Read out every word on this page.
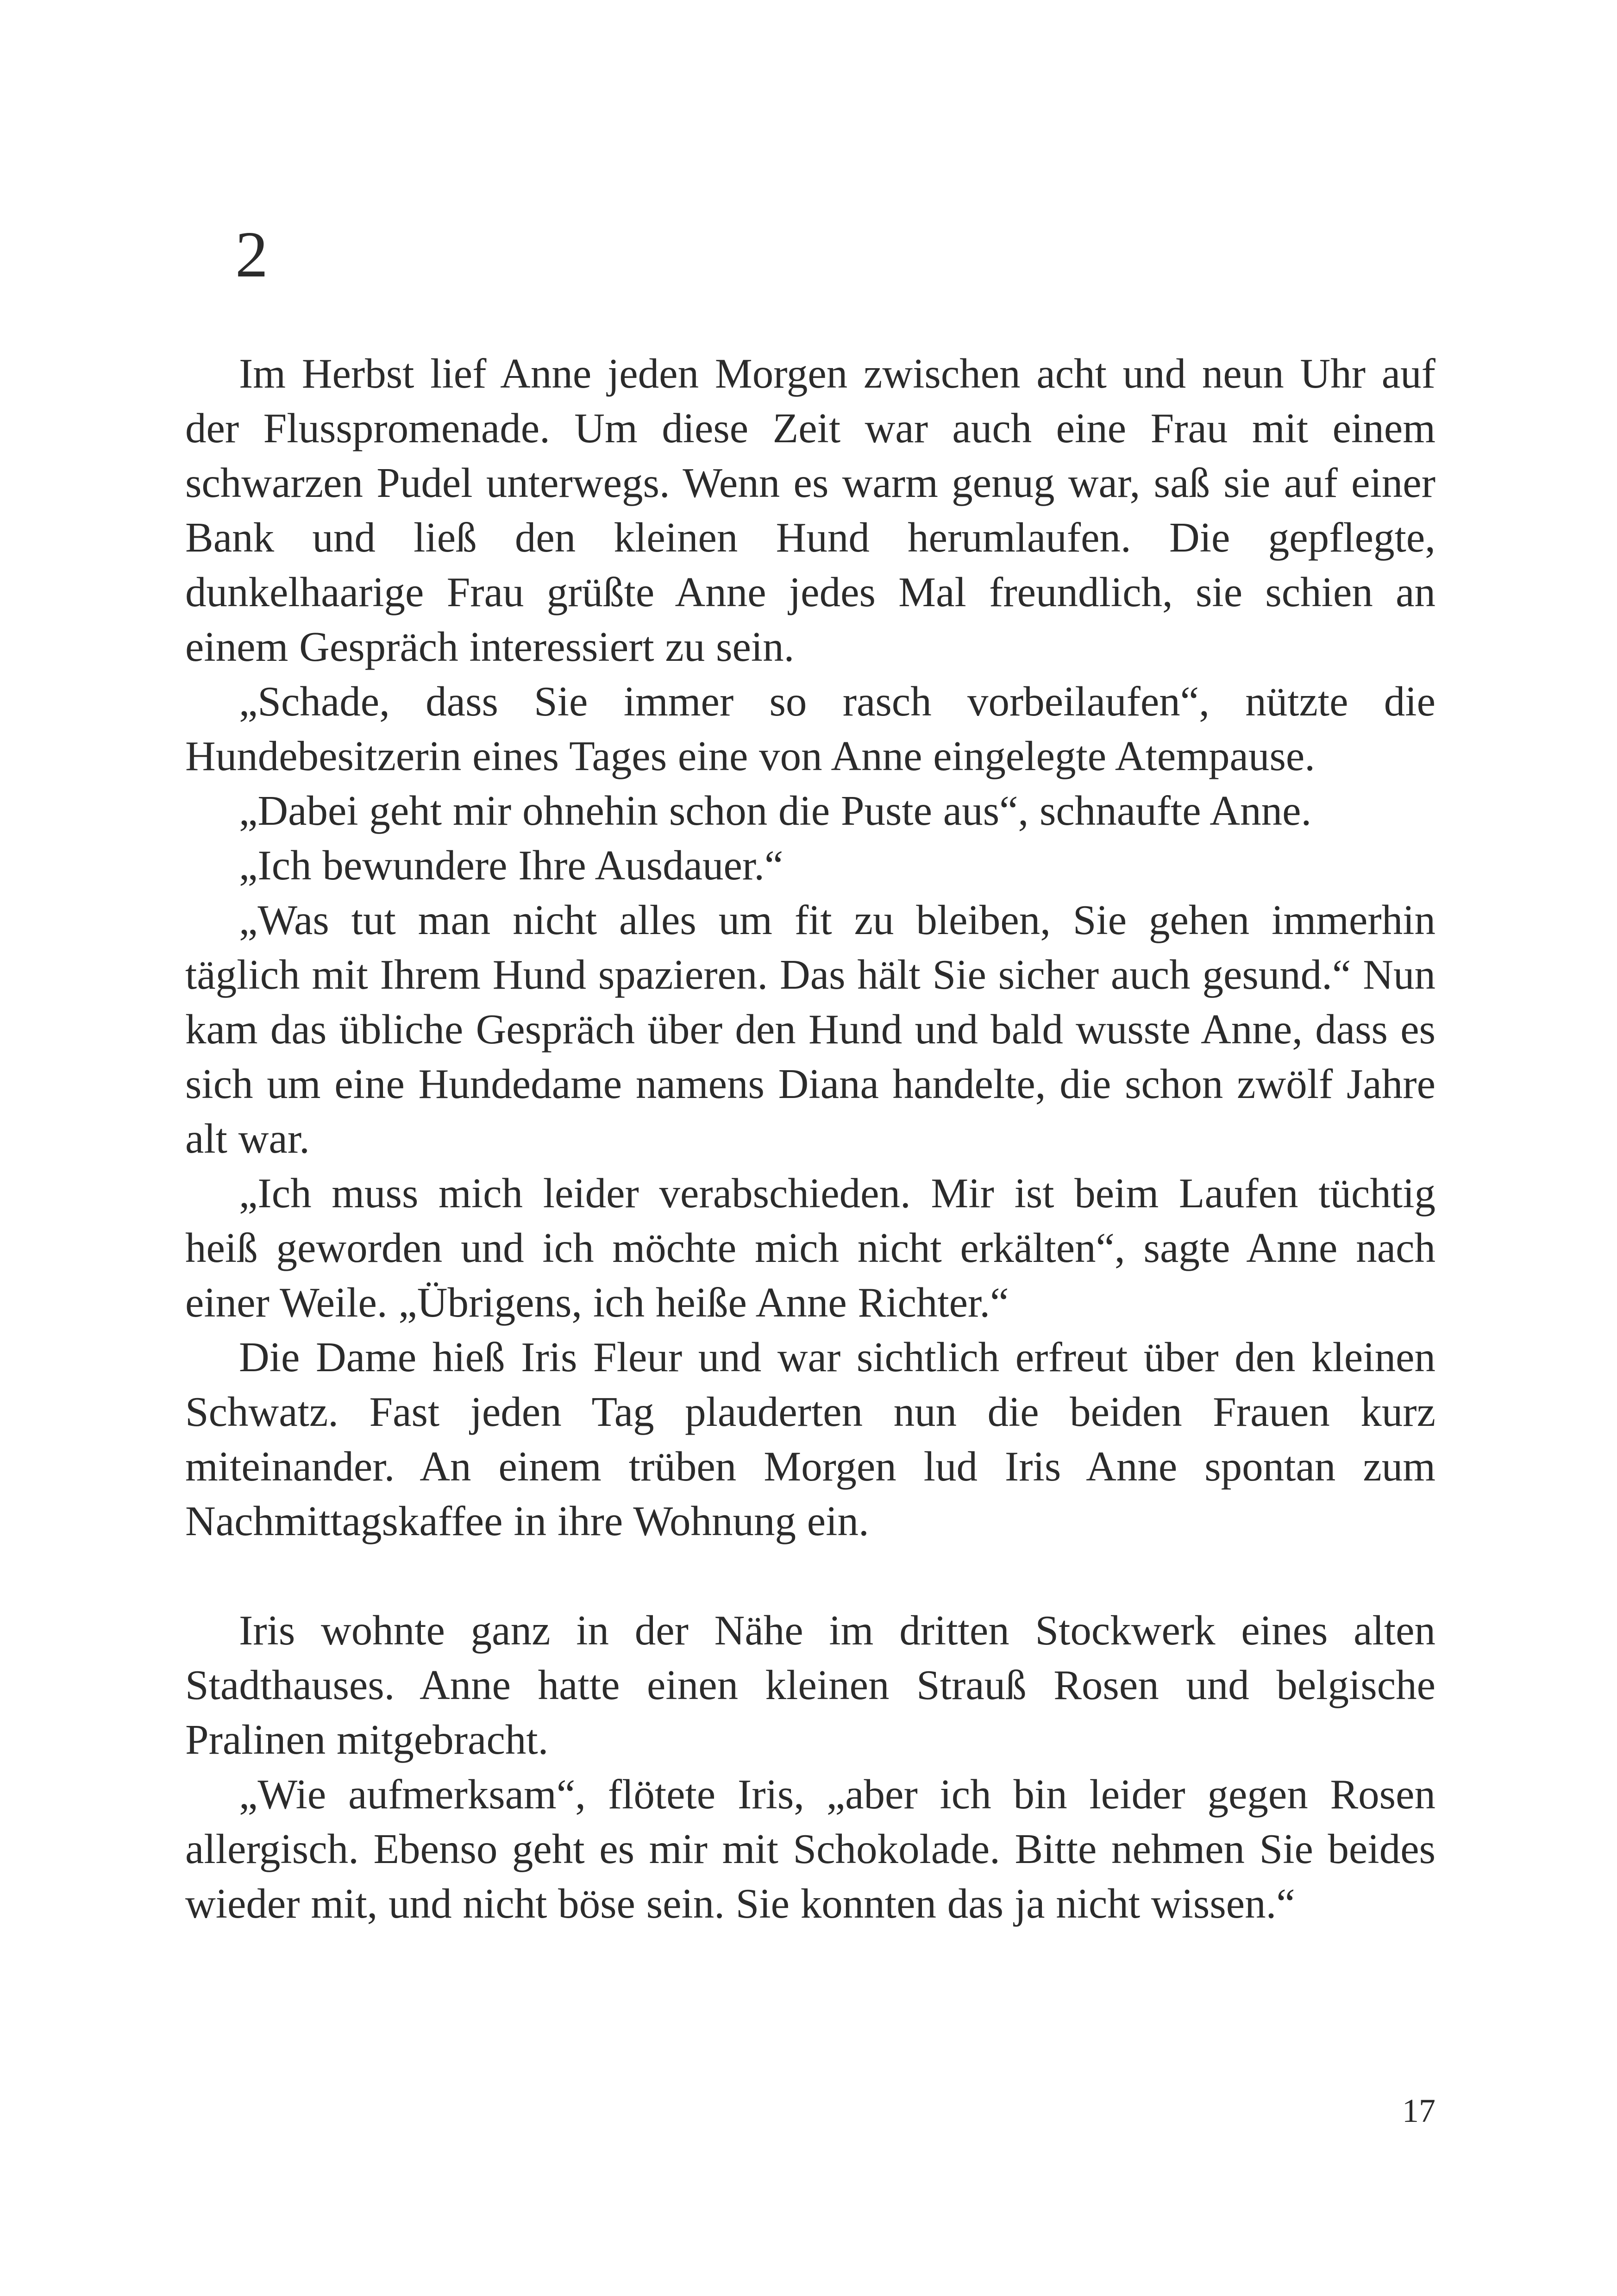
2

Im Herbst lief Anne jeden Morgen zwischen acht und neun Uhr auf der Flusspromenade. Um diese Zeit war auch eine Frau mit einem schwarzen Pudel unterwegs. Wenn es warm genug war, saß sie auf einer Bank und ließ den kleinen Hund herumlaufen. Die gepflegte, dunkelhaarige Frau grüßte Anne jedes Mal freundlich, sie schien an einem Gespräch interessiert zu sein.

„Schade, dass Sie immer so rasch vorbeilaufen“, nützte die Hundebesitzerin eines Tages eine von Anne eingelegte Atempause.

„Dabei geht mir ohnehin schon die Puste aus“, schnaufte Anne.

„Ich bewundere Ihre Ausdauer.“

„Was tut man nicht alles um fit zu bleiben, Sie gehen immerhin täglich mit Ihrem Hund spazieren. Das hält Sie sicher auch gesund.“ Nun kam das übliche Gespräch über den Hund und bald wusste Anne, dass es sich um eine Hundedame namens Diana handelte, die schon zwölf Jahre alt war.

„Ich muss mich leider verabschieden. Mir ist beim Laufen tüchtig heiß geworden und ich möchte mich nicht erkälten“, sagte Anne nach einer Weile. „Übrigens, ich heiße Anne Richter.“

Die Dame hieß Iris Fleur und war sichtlich erfreut über den kleinen Schwatz. Fast jeden Tag plauderten nun die beiden Frauen kurz miteinander. An einem trüben Morgen lud Iris Anne spontan zum Nachmittagskaffee in ihre Wohnung ein.

Iris wohnte ganz in der Nähe im dritten Stockwerk eines alten Stadthauses. Anne hatte einen kleinen Strauß Rosen und belgische Pralinen mitgebracht.

„Wie aufmerksam“, flötete Iris, „aber ich bin leider gegen Rosen allergisch. Ebenso geht es mir mit Schokolade. Bitte nehmen Sie beides wieder mit, und nicht böse sein. Sie konnten das ja nicht wissen.“

17
